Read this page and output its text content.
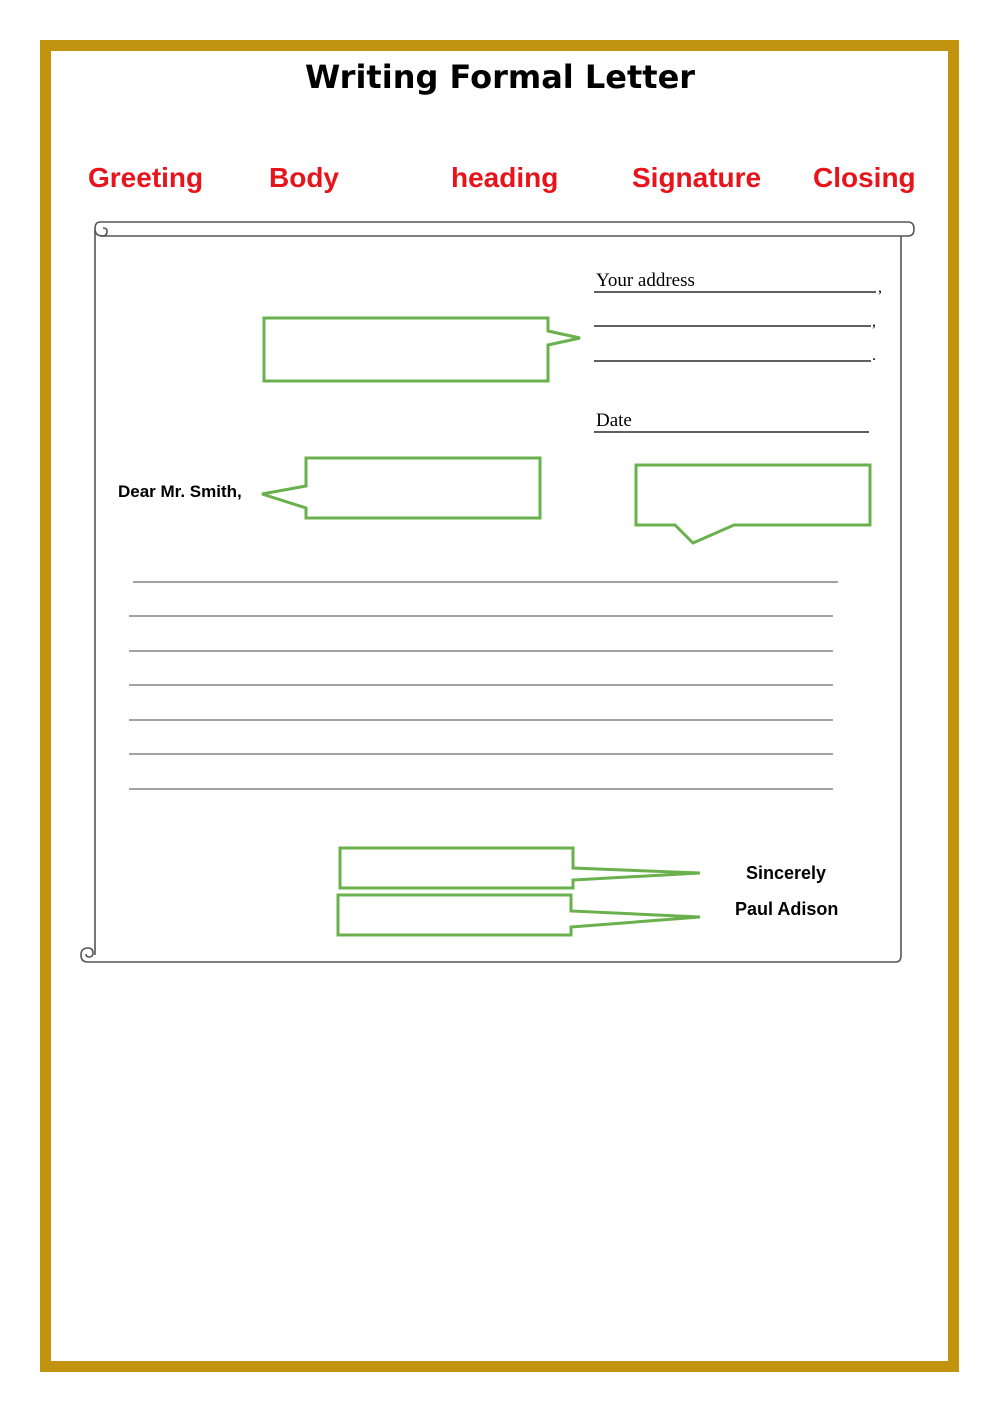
Writing Formal Letter
Greeting Body	heading	Signature Closing
,
,
.
Your address
Date
Dear Mr. Smith,
Sincerely
Paul Adison
